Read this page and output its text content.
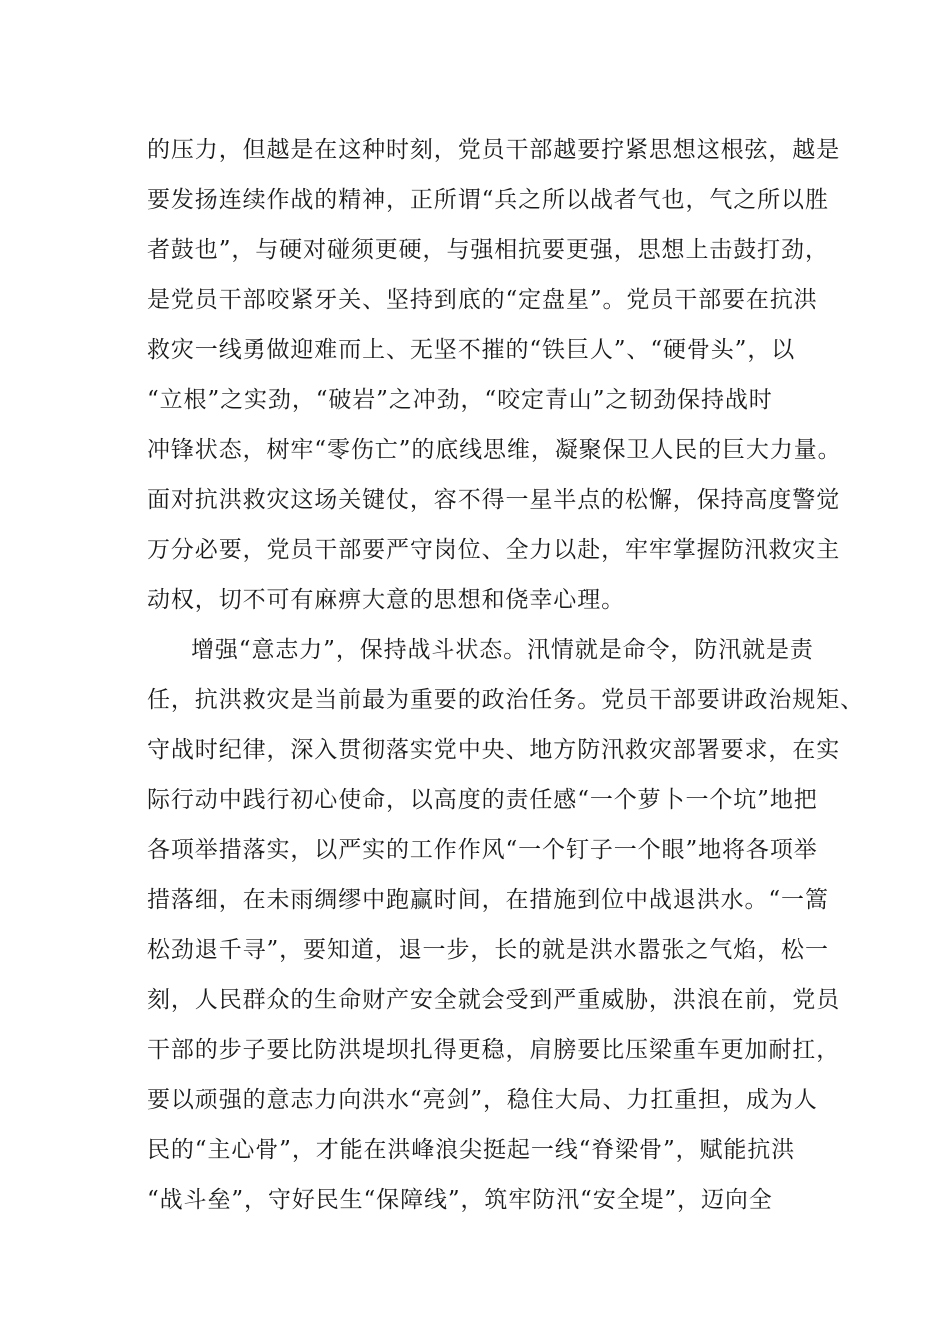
的压力，但越是在这种时刻，党员干部越要拧紧思想这根弦，越是

要发扬连续作战的精神，正所谓“兵之所以战者气也，气之所以胜

者鼓也”，与硬对碰须更硬，与强相抗要更强，思想上击鼓打劲，

是党员干部咬紧牙关、坚持到底的“定盘星”。党员干部要在抗洪

救灾一线勇做迎难而上、无坚不摧的“铁巨人”、“硬骨头”，以

“立根”之实劲，“破岩”之冲劲，“咬定青山”之韧劲保持战时

冲锋状态，树牢“零伤亡”的底线思维，凝聚保卫人民的巨大力量。

面对抗洪救灾这场关键仗，容不得一星半点的松懈，保持高度警觉

万分必要，党员干部要严守岗位、全力以赴，牢牢掌握防汛救灾主

动权，切不可有麻痹大意的思想和侥幸心理。

增强“意志力”，保持战斗状态。汛情就是命令，防汛就是责

任，抗洪救灾是当前最为重要的政治任务。党员干部要讲政治规矩、

守战时纪律，深入贯彻落实党中央、地方防汛救灾部署要求，在实

际行动中践行初心使命，以高度的责任感“一个萝卜一个坑”地把

各项举措落实，以严实的工作作风“一个钉子一个眼”地将各项举

措落细，在未雨绸缪中跑赢时间，在措施到位中战退洪水。“一篙

松劲退千寻”，要知道，退一步，长的就是洪水嚣张之气焰，松一

刻，人民群众的生命财产安全就会受到严重威胁，洪浪在前，党员

干部的步子要比防洪堤坝扎得更稳，肩膀要比压梁重车更加耐扛，

要以顽强的意志力向洪水“亮剑”，稳住大局、力扛重担，成为人

民的“主心骨”，才能在洪峰浪尖挺起一线“脊梁骨”，赋能抗洪

“战斗垒”，守好民生“保障线”，筑牢防汛“安全堤”，迈向全
